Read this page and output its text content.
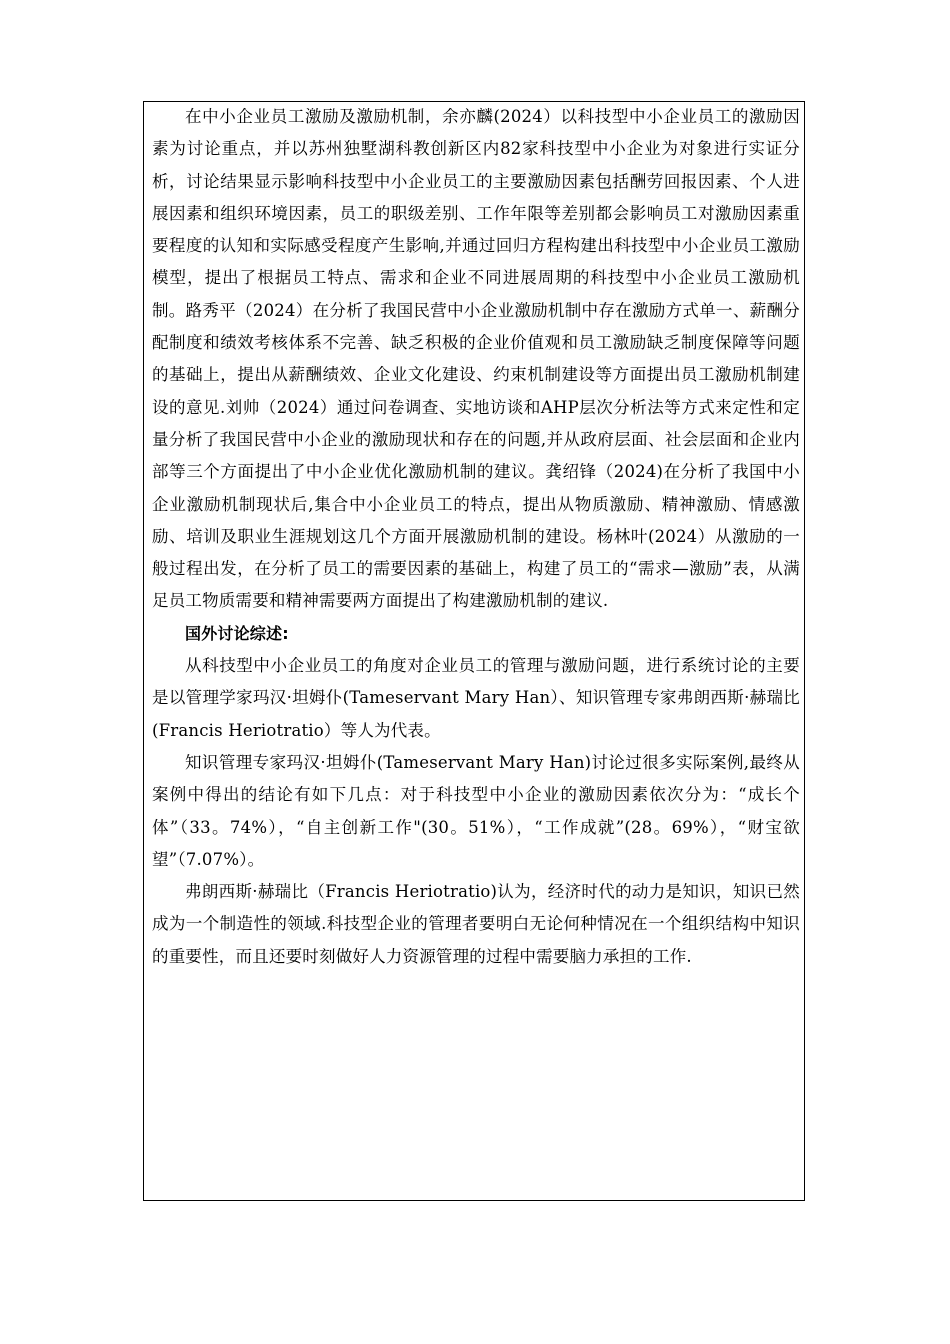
在中小企业员工激励及激励机制，余亦麟(2024）以科技型中小企业员工的激励因素为讨论重点，并以苏州独墅湖科教创新区内82家科技型中小企业为对象进行实证分析，讨论结果显示影响科技型中小企业员工的主要激励因素包括酬劳回报因素、个人进展因素和组织环境因素，员工的职级差别、工作年限等差别都会影响员工对激励因素重要程度的认知和实际感受程度产生影响,并通过回归方程构建出科技型中小企业员工激励模型，提出了根据员工特点、需求和企业不同进展周期的科技型中小企业员工激励机制。路秀平（2024）在分析了我国民营中小企业激励机制中存在激励方式单一、薪酬分配制度和绩效考核体系不完善、缺乏积极的企业价值观和员工激励缺乏制度保障等问题的基础上，提出从薪酬绩效、企业文化建设、约束机制建设等方面提出员工激励机制建设的意见.刘帅（2024）通过问卷调查、实地访谈和AHP层次分析法等方式来定性和定量分析了我国民营中小企业的激励现状和存在的问题,并从政府层面、社会层面和企业内部等三个方面提出了中小企业优化激励机制的建议。龚绍锋（2024)在分析了我国中小企业激励机制现状后,集合中小企业员工的特点，提出从物质激励、精神激励、情感激励、培训及职业生涯规划这几个方面开展激励机制的建设。杨林叶(2024）从激励的一般过程出发，在分析了员工的需要因素的基础上，构建了员工的“需求—激励”表，从满足员工物质需要和精神需要两方面提出了构建激励机制的建议.

国外讨论综述:

从科技型中小企业员工的角度对企业员工的管理与激励问题，进行系统讨论的主要是以管理学家玛汉·坦姆仆(Tameservant Mary Han）、知识管理专家弗朗西斯·赫瑞比(Francis Heriotratio）等人为代表。

知识管理专家玛汉·坦姆仆(Tameservant Mary Han)讨论过很多实际案例,最终从案例中得出的结论有如下几点：对于科技型中小企业的激励因素依次分为：“成长个体”（33。74%），“自主创新工作"(30。51%），“工作成就”(28。69%），“财宝欲望”（7.07%）。

弗朗西斯·赫瑞比（Francis Heriotratio)认为，经济时代的动力是知识，知识已然成为一个制造性的领域.科技型企业的管理者要明白无论何种情况在一个组织结构中知识的重要性，而且还要时刻做好人力资源管理的过程中需要脑力承担的工作.
